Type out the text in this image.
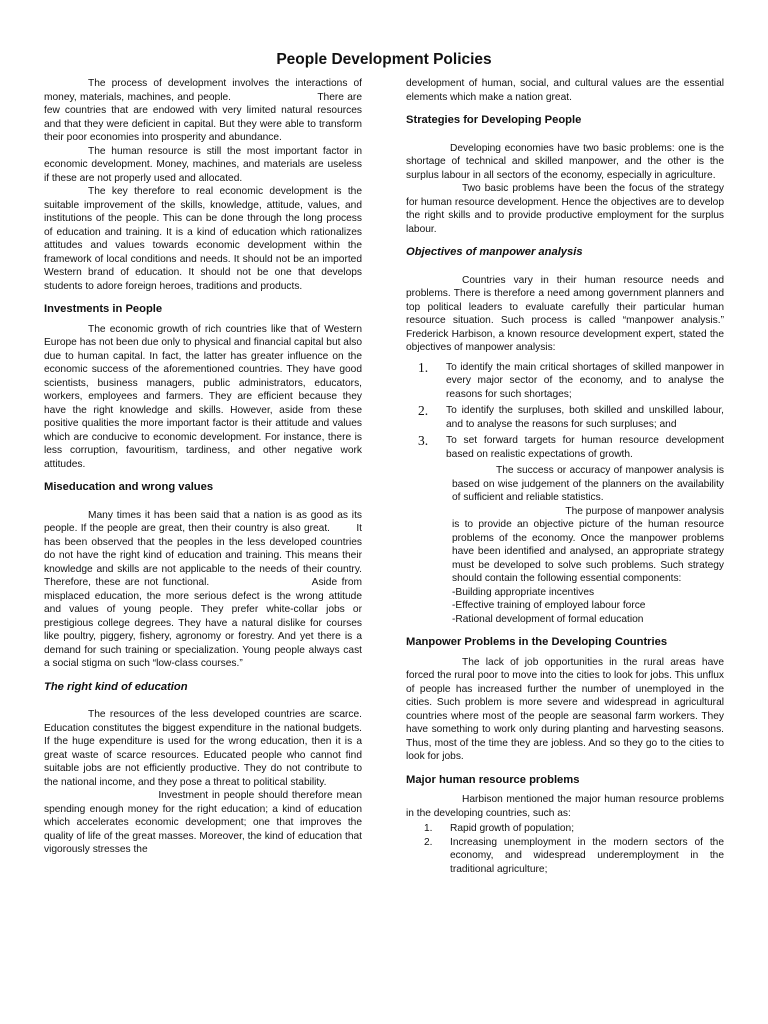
People Development Policies

The process of development involves the interactions of money, materials, machines, and people.                          There are few countries that are endowed with very limited natural resources and that they were deficient in capital. But they were able to transform their poor economies into prosperity and abundance.

The human resource is still the most important factor in economic development. Money, machines, and materials are useless if these are not properly used and allocated.

The key therefore to real economic development is the suitable improvement of the skills, knowledge, attitude, values, and institutions of the people. This can be done through the long process of education and training. It is a kind of education which rationalizes attitudes and values towards economic development within the framework of local conditions and needs. It should not be an imported Western brand of education. It should not be one that develops students to adore foreign heroes, traditions and products.

Investments in People

The economic growth of rich countries like that of Western Europe has not been due only to physical and financial capital but also due to human capital. In fact, the latter has greater influence on the economic success of the aforementioned countries. They have good scientists, business managers, public administrators, educators, workers, employees and farmers. They are efficient because they have the right knowledge and skills. However, aside from these positive qualities the more important factor is their attitude and values which are conducive to economic development. For instance, there is less corruption, favouritism, tardiness, and other negative work attitudes.

Miseducation and wrong values

Many times it has been said that a nation is as good as its people. If the people are great, then their country is also great.        It has been observed that the peoples in the less developed countries do not have the right kind of education and training. This means their knowledge and skills are not applicable to the needs of their country. Therefore, these are not functional.                       Aside from misplaced education, the more serious defect is the wrong attitude and values of young people. They prefer white-collar jobs or prestigious college degrees. They have a natural dislike for courses like poultry, piggery, fishery, agronomy or forestry. And yet there is a demand for such training or specialization. Young people always cast a social stigma on such “low-class courses.”

The right kind of education

The resources of the less developed countries are scarce.      Education constitutes the biggest expenditure in the national budgets. If the huge expenditure is used for the wrong education, then it is a great waste of scarce resources. Educated people who cannot find suitable jobs are not efficiently productive. They do not contribute to the national income, and they pose a threat to political stability.

Investment in people should therefore mean spending enough money for the right education; a kind of education which accelerates economic development; one that improves the quality of life of the great masses. Moreover, the kind of education that vigorously stresses the

development of human, social, and cultural values are the essential elements which make a nation great.

Strategies for Developing People

Developing economies have two basic problems: one is the shortage of technical and skilled manpower, and the other is the surplus labour in all sectors of the economy, especially in agriculture.

Two basic problems have been the focus of the strategy for human resource development. Hence the objectives are to develop the right skills and to provide productive employment for the surplus labour.

Objectives of manpower analysis

Countries vary in their human resource needs and problems. There is therefore a need among government planners and top political leaders to evaluate carefully their particular human resource situation. Such process is called “manpower analysis.” Frederick Harbison, a known resource development expert, stated the objectives of manpower analysis:

1.	To identify the main critical shortages of skilled manpower in every major sector of the economy, and to analyse the reasons for such shortages;
2.	To identify the surpluses, both skilled and unskilled labour, and to analyse the reasons for such surpluses; and
3.	To set forward targets for human resource development based on realistic expectations of growth.

The success or accuracy of manpower analysis is based on wise judgement of the planners on the availability of sufficient and reliable statistics.

The purpose of manpower analysis is to provide an objective picture of the human resource problems of the economy. Once the manpower problems have been identified and analysed, an appropriate strategy must be developed to solve such problems. Such strategy should contain the following essential components:

-Building appropriate incentives

-Effective training of employed labour force

-Rational development of formal education

Manpower Problems in the Developing Countries

The lack of job opportunities in the rural areas have forced the rural poor to move into the cities to look for jobs. This unflux of people has increased further the number of unemployed in the cities. Such problem is more severe and widespread in agricultural countries where most of the people are seasonal farm workers. They have something to work only during planting and harvesting seasons. Thus, most of the time they are jobless. And so they go to the cities to look for jobs.

Major human resource problems

Harbison mentioned the major human resource problems in the developing countries, such as:

1.	Rapid growth of population;
2.	Increasing unemployment in the modern sectors of the economy, and widespread underemployment in the traditional agriculture;
